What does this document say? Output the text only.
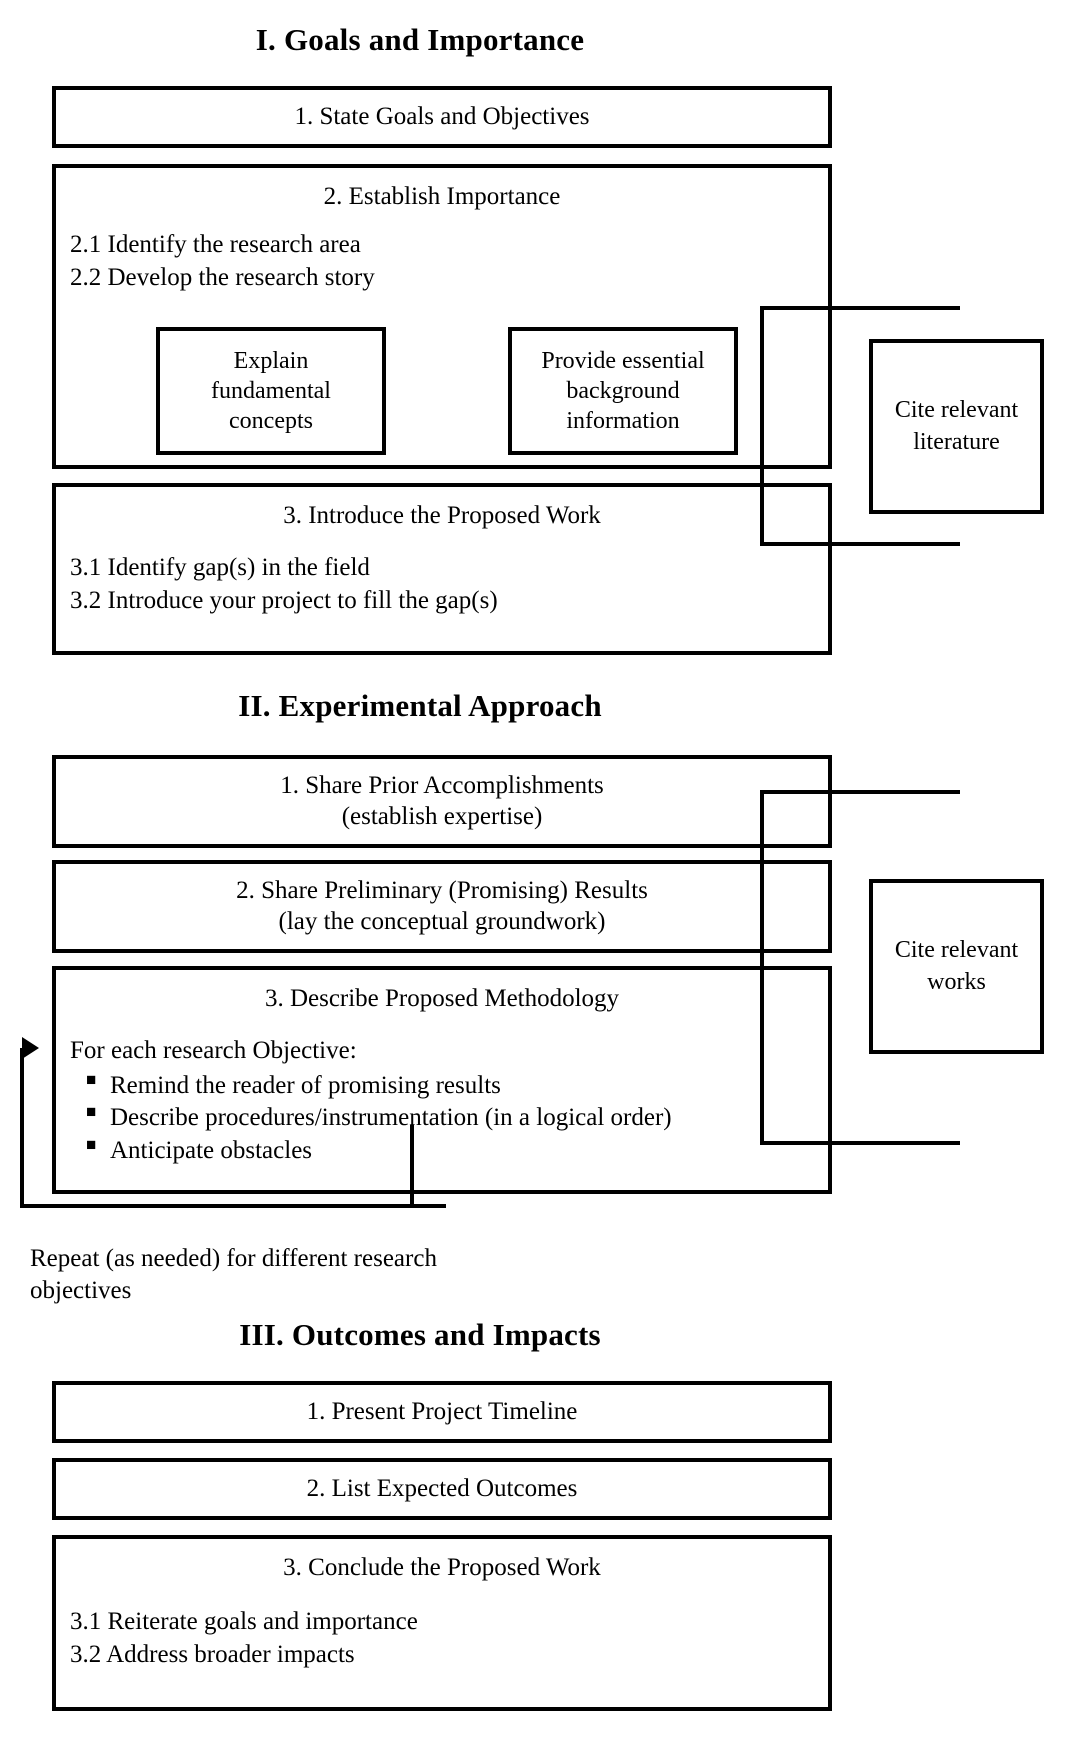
I. Goals and Importance
1. State Goals and Objectives
2. Establish Importance
2.1 Identify the research area
2.2 Develop the research story
Explain fundamental concepts
Provide essential background information
3. Introduce the Proposed Work
3.1 Identify gap(s) in the field
3.2 Introduce your project to fill the gap(s)
Cite relevant literature
II. Experimental Approach
1. Share Prior Accomplishments
(establish expertise)
2. Share Preliminary (Promising) Results
(lay the conceptual groundwork)
3. Describe Proposed Methodology
For each research Objective:
■ Remind the reader of promising results
■ Describe procedures/instrumentation (in a logical order)
■ Anticipate obstacles
Cite relevant works
Repeat (as needed) for different research objectives
III. Outcomes and Impacts
1. Present Project Timeline
2. List Expected Outcomes
3. Conclude the Proposed Work
3.1 Reiterate goals and importance
3.2 Address broader impacts
